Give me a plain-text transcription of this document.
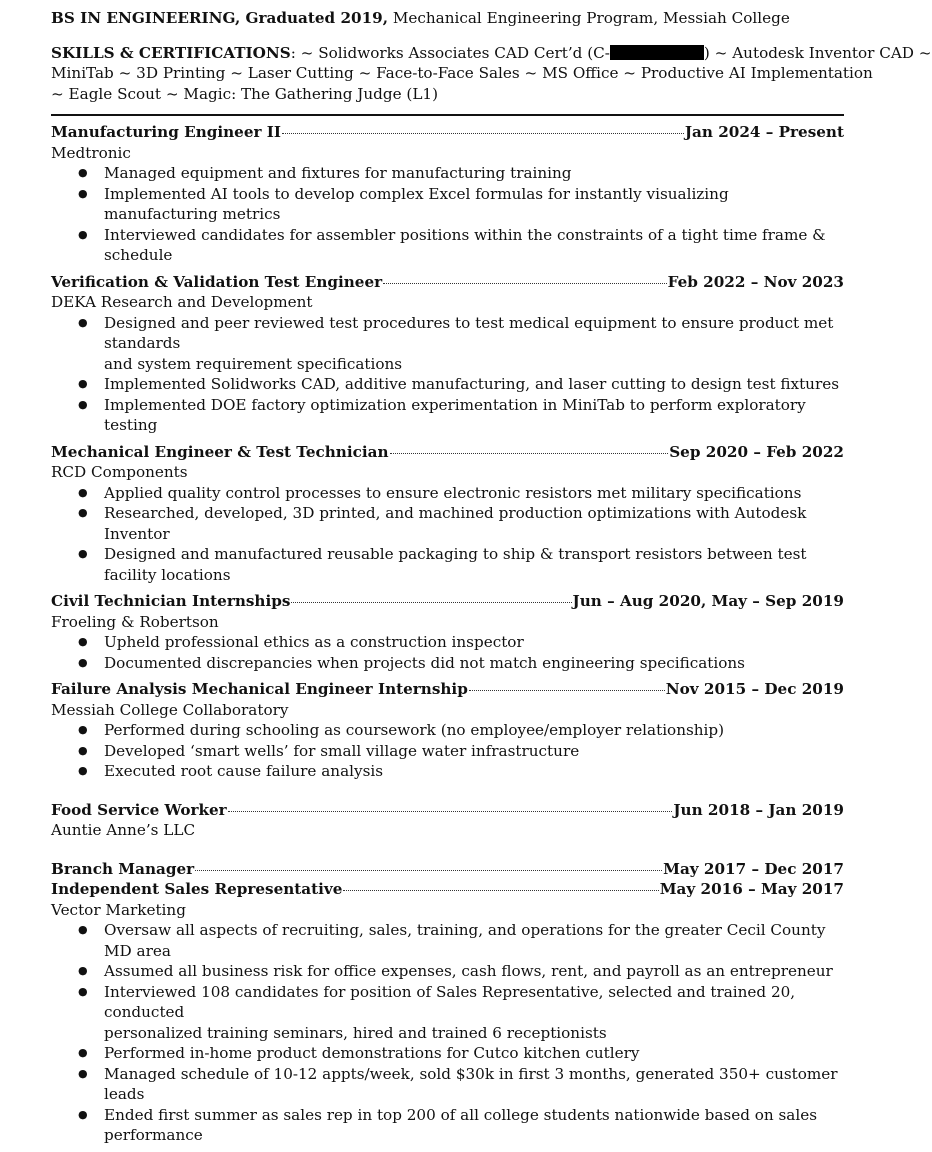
BS IN ENGINEERING, Graduated 2019, Mechanical Engineering Program, Messiah College
SKILLS & CERTIFICATIONS: ~ Solidworks Associates CAD Cert’d (C-	) ~ Autodesk Inventor CAD ~
MiniTab ~ 3D Printing ~ Laser Cutting ~ Face-to-Face Sales ~ MS Office ~ Productive AI Implementation
~ Eagle Scout ~ Magic: The Gathering Judge (L1)
Manufacturing Engineer II	Jan 2024 – Present
Medtronic
● Managed equipment and fixtures for manufacturing training
● Implemented AI tools to develop complex Excel formulas for instantly visualizing manufacturing metrics
● Interviewed candidates for assembler positions within the constraints of a tight time frame & schedule
Verification & Validation Test Engineer	Feb 2022 – Nov 2023
DEKA Research and Development
● Designed and peer reviewed test procedures to test medical equipment to ensure product met standards
and system requirement specifications
● Implemented Solidworks CAD, additive manufacturing, and laser cutting to design test fixtures
● Implemented DOE factory optimization experimentation in MiniTab to perform exploratory testing
Mechanical Engineer & Test Technician	Sep 2020 – Feb 2022
RCD Components
● Applied quality control processes to ensure electronic resistors met military specifications
● Researched, developed, 3D printed, and machined production optimizations with Autodesk Inventor
● Designed and manufactured reusable packaging to ship & transport resistors between test facility locations
Civil Technician Internships	Jun – Aug 2020, May – Sep 2019
Froeling & Robertson
● Upheld professional ethics as a construction inspector
● Documented discrepancies when projects did not match engineering specifications
Failure Analysis Mechanical Engineer Internship	Nov 2015 – Dec 2019
Messiah College Collaboratory
● Performed during schooling as coursework (no employee/employer relationship)
● Developed ‘smart wells’ for small village water infrastructure
● Executed root cause failure analysis
Food Service Worker	Jun 2018 – Jan 2019
Auntie Anne’s LLC
Branch Manager	May 2017 – Dec 2017
Independent Sales Representative	May 2016 – May 2017
Vector Marketing
● Oversaw all aspects of recruiting, sales, training, and operations for the greater Cecil County MD area
● Assumed all business risk for office expenses, cash flows, rent, and payroll as an entrepreneur
● Interviewed 108 candidates for position of Sales Representative, selected and trained 20, conducted
personalized training seminars, hired and trained 6 receptionists
● Performed in-home product demonstrations for Cutco kitchen cutlery
● Managed schedule of 10-12 appts/week, sold $30k in first 3 months, generated 350+ customer leads
● Ended first summer as sales rep in top 200 of all college students nationwide based on sales performance
